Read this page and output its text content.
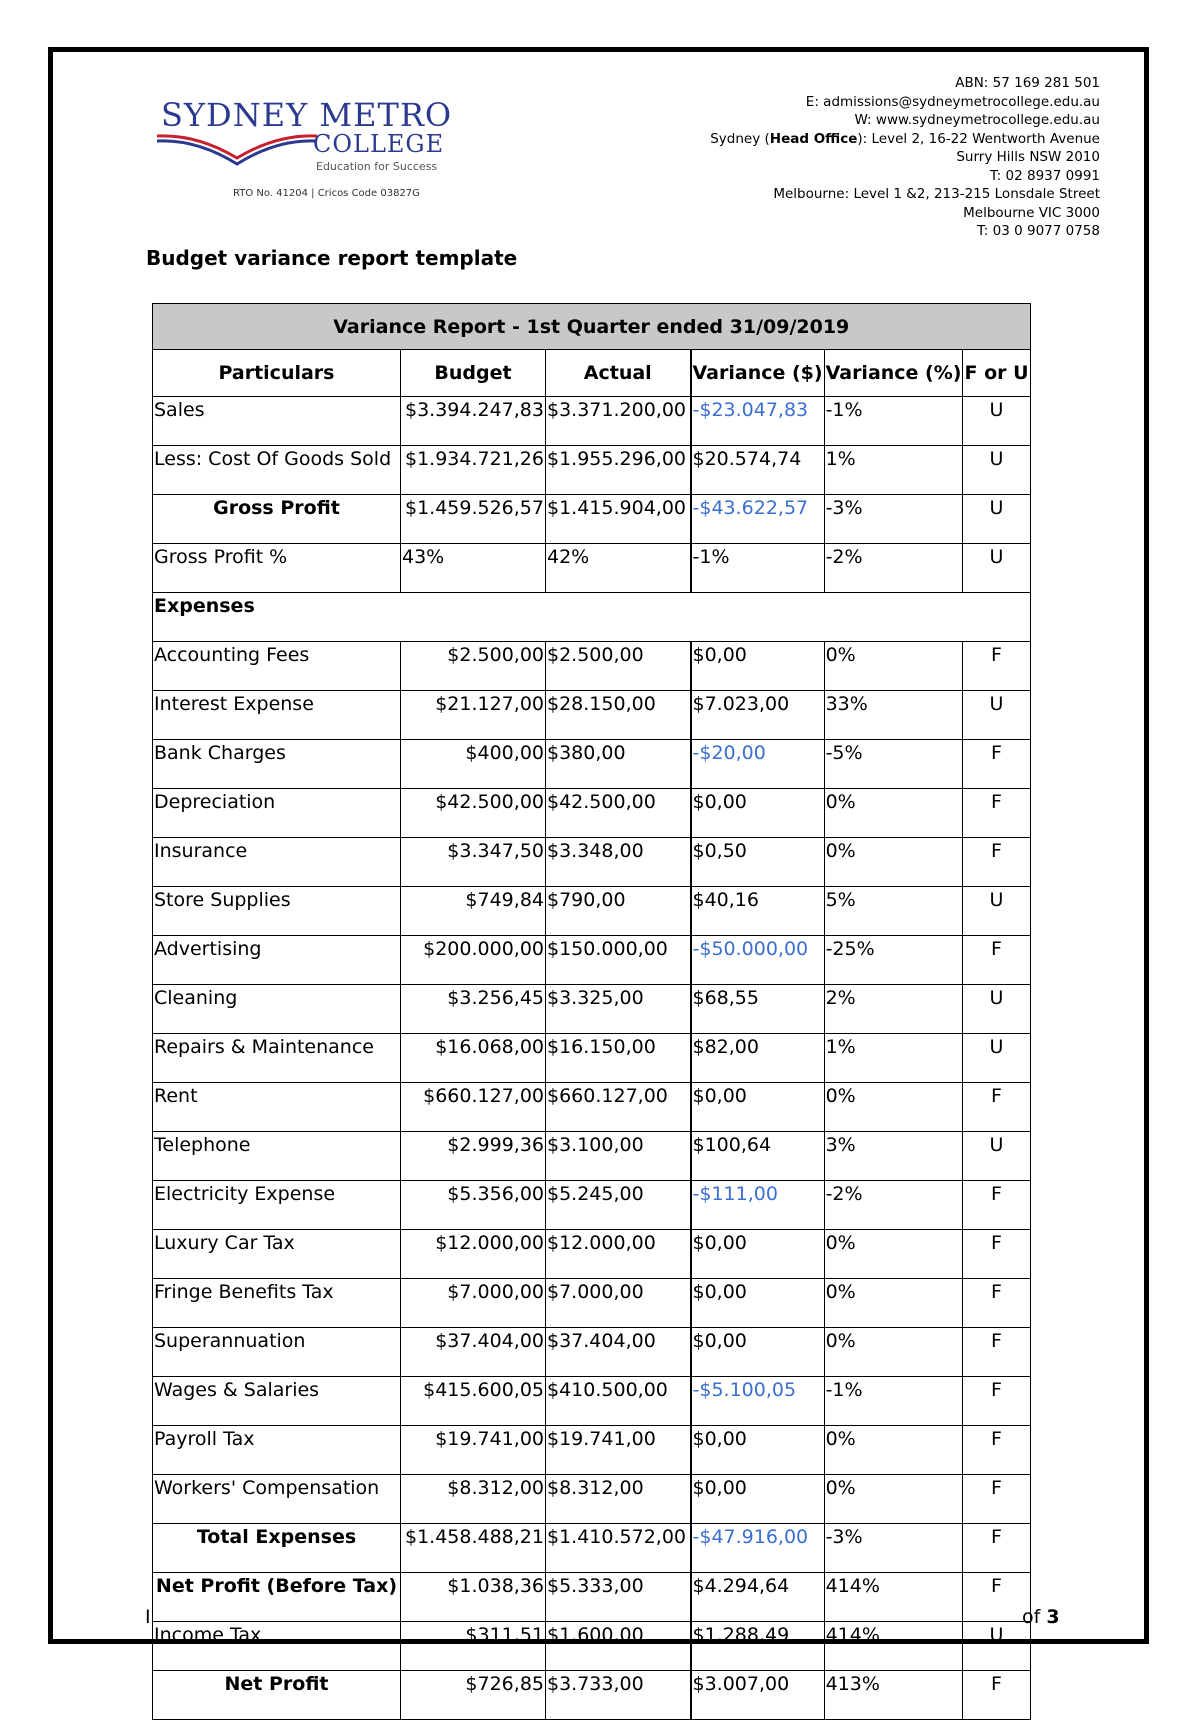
SYDNEY METRO
COLLEGE
Education for Success
RTO No. 41204 | Cricos Code 03827G
ABN: 57 169 281 501
E: admissions@sydneymetrocollege.edu.au
W: www.sydneymetrocollege.edu.au
Sydney (Head Office): Level 2, 16-22 Wentworth Avenue
Surry Hills NSW 2010
T: 02 8937 0991
Melbourne: Level 1 &2, 213-215 Lonsdale Street
Melbourne VIC 3000
T: 03 0 9077 0758
Budget variance report template
Variance Report - 1st Quarter ended 31/09/2019					
Particulars	Budget	Actual	Variance ($)	Variance (%)	F or U
Sales	$3.394.247,83	$3.371.200,00	-$23.047,83	-1%	U
Less: Cost Of Goods Sold	$1.934.721,26	$1.955.296,00	$20.574,74	1%	U
Gross Profit	$1.459.526,57	$1.415.904,00	-$43.622,57	-3%	U
Gross Profit %	43%	42%	-1%	-2%	U
Expenses					
Accounting Fees	$2.500,00	$2.500,00	$0,00	0%	F
Interest Expense	$21.127,00	$28.150,00	$7.023,00	33%	U
Bank Charges	$400,00	$380,00	-$20,00	-5%	F
Depreciation	$42.500,00	$42.500,00	$0,00	0%	F
Insurance	$3.347,50	$3.348,00	$0,50	0%	F
Store Supplies	$749,84	$790,00	$40,16	5%	U
Advertising	$200.000,00	$150.000,00	-$50.000,00	-25%	F
Cleaning	$3.256,45	$3.325,00	$68,55	2%	U
Repairs & Maintenance	$16.068,00	$16.150,00	$82,00	1%	U
Rent	$660.127,00	$660.127,00	$0,00	0%	F
Telephone	$2.999,36	$3.100,00	$100,64	3%	U
Electricity Expense	$5.356,00	$5.245,00	-$111,00	-2%	F
Luxury Car Tax	$12.000,00	$12.000,00	$0,00	0%	F
Fringe Benefits Tax	$7.000,00	$7.000,00	$0,00	0%	F
Superannuation	$37.404,00	$37.404,00	$0,00	0%	F
Wages & Salaries	$415.600,05	$410.500,00	-$5.100,05	-1%	F
Payroll Tax	$19.741,00	$19.741,00	$0,00	0%	F
Workers' Compensation	$8.312,00	$8.312,00	$0,00	0%	F
Total Expenses	$1.458.488,21	$1.410.572,00	-$47.916,00	-3%	F
Net Profit (Before Tax)	$1.038,36	$5.333,00	$4.294,64	414%	F
Income Tax	$311,51	$1.600,00	$1.288,49	414%	U
Net Profit	$726,85	$3.733,00	$3.007,00	413%	F
I	of 3
